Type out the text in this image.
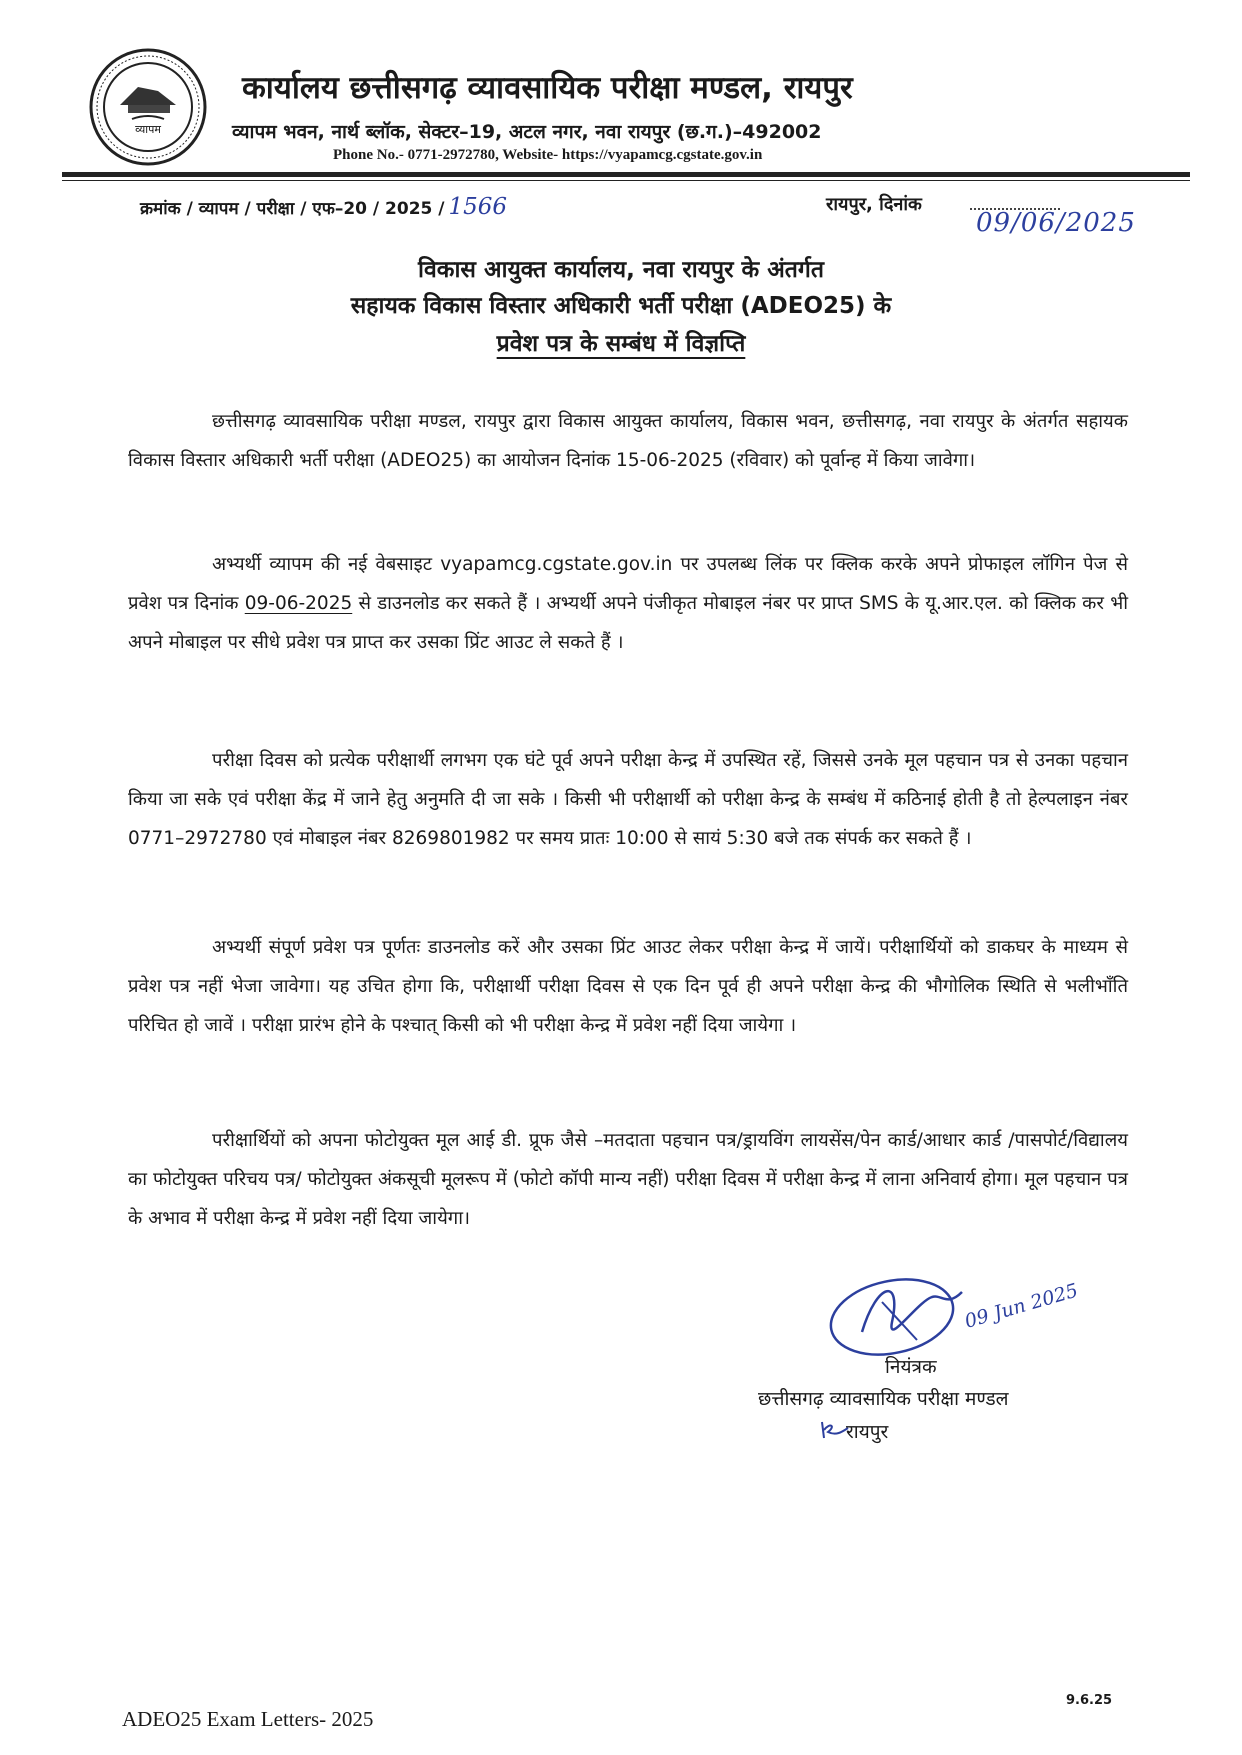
व्यापम
कार्यालय छत्तीसगढ़ व्यावसायिक परीक्षा मण्डल, रायपुर
व्यापम भवन, नार्थ ब्लॉक, सेक्टर–19, अटल नगर, नवा रायपुर (छ.ग.)–492002
Phone No.- 0771-2972780, Website- https://vyapamcg.cgstate.gov.in
क्रमांक / व्यापम / परीक्षा / एफ–20 / 2025 / 1566	रायपुर, दिनांक
09/06/2025
विकास आयुक्त कार्यालय, नवा रायपुर के अंतर्गत
सहायक विकास विस्तार अधिकारी भर्ती परीक्षा (ADEO25) के
प्रवेश पत्र के सम्बंध में विज्ञप्ति

छत्तीसगढ़ व्यावसायिक परीक्षा मण्डल, रायपुर द्वारा विकास आयुक्त कार्यालय, विकास भवन, छत्तीसगढ़, नवा रायपुर के अंतर्गत सहायक विकास विस्तार अधिकारी भर्ती परीक्षा (ADEO25) का आयोजन दिनांक 15-06-2025 (रविवार) को पूर्वान्ह में किया जावेगा।

अभ्यर्थी व्यापम की नई वेबसाइट vyapamcg.cgstate.gov.in पर उपलब्ध लिंक पर क्लिक करके अपने प्रोफाइल लॉगिन पेज से प्रवेश पत्र दिनांक 09-06-2025 से डाउनलोड कर सकते हैं । अभ्यर्थी अपने पंजीकृत मोबाइल नंबर पर प्राप्त SMS के यू.आर.एल. को क्लिक कर भी अपने मोबाइल पर सीधे प्रवेश पत्र प्राप्त कर उसका प्रिंट आउट ले सकते हैं ।

परीक्षा दिवस को प्रत्येक परीक्षार्थी लगभग एक घंटे पूर्व अपने परीक्षा केन्द्र में उपस्थित रहें, जिससे उनके मूल पहचान पत्र से उनका पहचान किया जा सके एवं परीक्षा केंद्र में जाने हेतु अनुमति दी जा सके । किसी भी परीक्षार्थी को परीक्षा केन्द्र के सम्बंध में कठिनाई होती है तो हेल्पलाइन नंबर 0771–2972780 एवं मोबाइल नंबर 8269801982 पर समय प्रातः 10:00 से सायं 5:30 बजे तक संपर्क कर सकते हैं ।

अभ्यर्थी संपूर्ण प्रवेश पत्र पूर्णतः डाउनलोड करें और उसका प्रिंट आउट लेकर परीक्षा केन्द्र में जायें। परीक्षार्थियों को डाकघर के माध्यम से प्रवेश पत्र नहीं भेजा जावेगा। यह उचित होगा कि, परीक्षार्थी परीक्षा दिवस से एक दिन पूर्व ही अपने परीक्षा केन्द्र की भौगोलिक स्थिति से भलीभाँति परिचित हो जावें । परीक्षा प्रारंभ होने के पश्चात् किसी को भी परीक्षा केन्द्र में प्रवेश नहीं दिया जायेगा ।

परीक्षार्थियों को अपना फोटोयुक्त मूल आई डी. प्रूफ जैसे –मतदाता पहचान पत्र/ड्रायविंग लायसेंस/पेन कार्ड/आधार कार्ड /पासपोर्ट/विद्यालय का फोटोयुक्त परिचय पत्र/ फोटोयुक्त अंकसूची मूलरूप में (फोटो कॉपी मान्य नहीं) परीक्षा दिवस में परीक्षा केन्द्र में लाना अनिवार्य होगा। मूल पहचान पत्र के अभाव में परीक्षा केन्द्र में प्रवेश नहीं दिया जायेगा।

09 Jun 2025
नियंत्रक
छत्तीसगढ़ व्यावसायिक परीक्षा मण्डल
रायपुर
9.6.25
ADEO25 Exam Letters- 2025
